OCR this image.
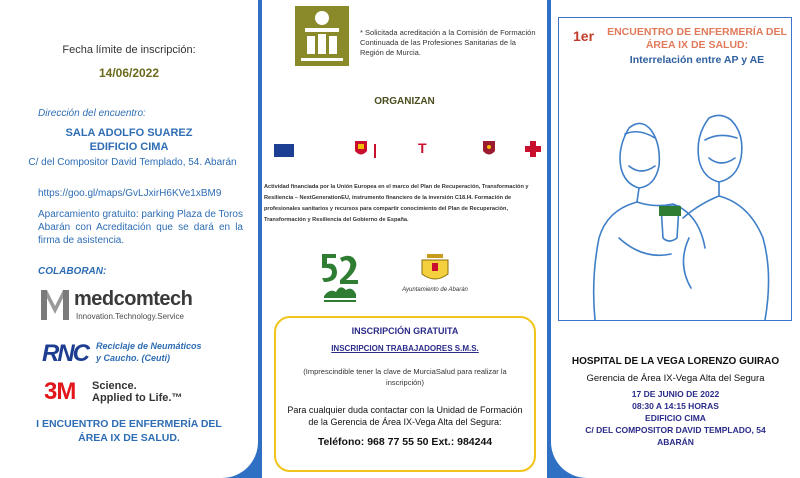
Fecha límite de inscripción:
14/06/2022
Dirección del encuentro:
SALA ADOLFO SUAREZ
EDIFICIO CIMA
C/ del Compositor David Templado, 54. Abarán
https://goo.gl/maps/GvLJxirH6KVe1xBM9
Aparcamiento gratuito: parking Plaza de Toros Abarán con Acreditación que se dará en la firma de asistencia.
COLABORAN:
medcomtech
Innovation.Technology.Service
RNC Reciclaje de Neumáticos
y Caucho. (Ceuti)
3M Science.
Applied to Life.™
I ENCUENTRO DE ENFERMERÍA DEL
ÁREA IX DE SALUD.
* Solicitada acreditación a la Comisión de Formación Continuada de las Profesiones Sanitarias de la Región de Murcia.
ORGANIZAN
T
Actividad financiada por la Unión Europea en el marco del Plan de Recuperación, Transformación y Resiliencia – NextGenerationEU, instrumento financiero de la inversión C18.I4. Formación de profesionales sanitarios y recursos para compartir conocimiento del Plan de Recuperación, Transformación y Resiliencia del Gobierno de España.
Ayuntamiento de Abarán
INSCRIPCIÓN GRATUITA
INSCRIPCION TRABAJADORES S.M.S.
(Imprescindible tener la clave de MurciaSalud para realizar la inscripción)
Para cualquier duda contactar con la Unidad de Formación de la Gerencia de Área IX-Vega Alta del Segura:
Teléfono: 968 77 55 50 Ext.: 984244
1er ENCUENTRO DE ENFERMERÍA DEL ÁREA IX DE SALUD:
Interrelación entre AP y AE
HOSPITAL DE LA VEGA LORENZO GUIRAO
Gerencia de Área IX-Vega Alta del Segura
17 DE JUNIO DE 2022
08:30 A 14:15 HORAS
EDIFICIO CIMA
C/ DEL COMPOSITOR DAVID TEMPLADO, 54
ABARÁN
